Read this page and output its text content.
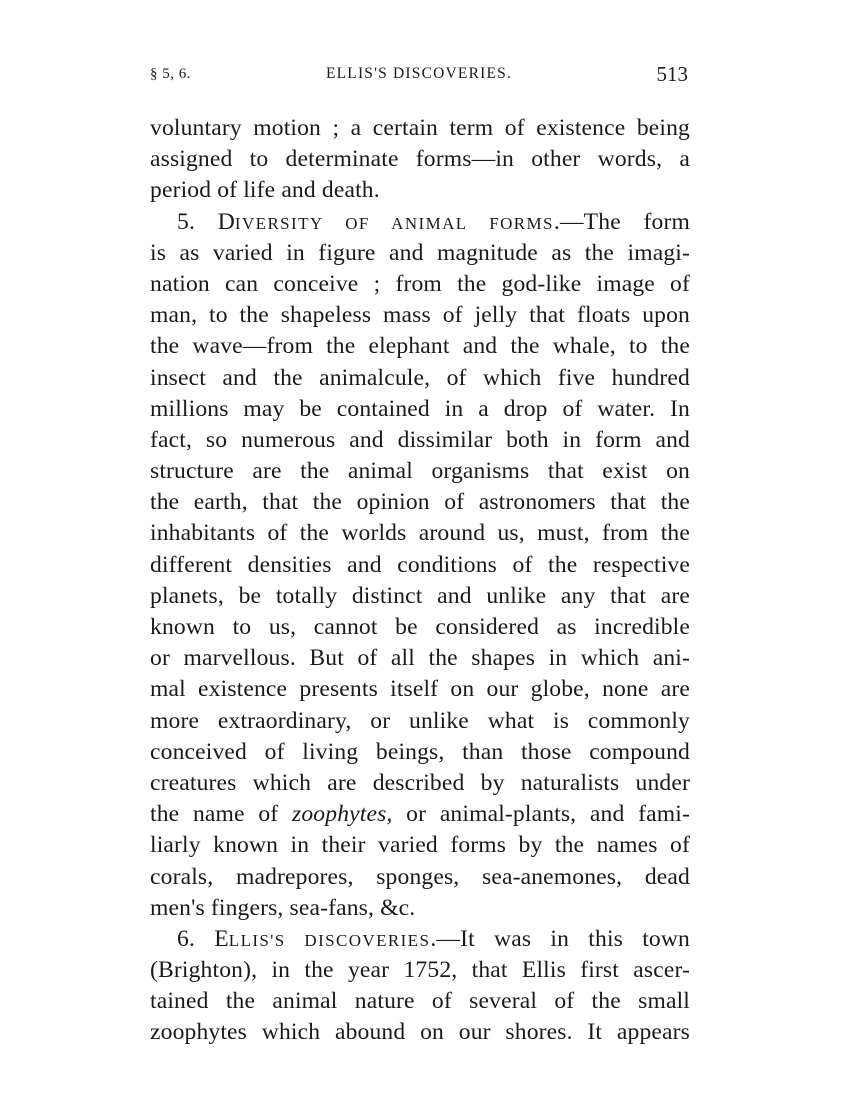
§ 5, 6.	ELLIS'S DISCOVERIES.	513
voluntary motion ; a certain term of existence being
assigned to determinate forms—in other words, a
period of life and death.
5. DIVERSITY OF ANIMAL FORMS.—The form
is as varied in figure and magnitude as the imagi-
nation can conceive ; from the god-like image of
man, to the shapeless mass of jelly that floats upon
the wave—from the elephant and the whale, to the
insect and the animalcule, of which five hundred
millions may be contained in a drop of water. In
fact, so numerous and dissimilar both in form and
structure are the animal organisms that exist on
the earth, that the opinion of astronomers that the
inhabitants of the worlds around us, must, from the
different densities and conditions of the respective
planets, be totally distinct and unlike any that are
known to us, cannot be considered as incredible
or marvellous. But of all the shapes in which ani-
mal existence presents itself on our globe, none are
more extraordinary, or unlike what is commonly
conceived of living beings, than those compound
creatures which are described by naturalists under
the name of zoophytes, or animal-plants, and fami-
liarly known in their varied forms by the names of
corals, madrepores, sponges, sea-anemones, dead
men's fingers, sea-fans, &c.
6. ELLIS'S DISCOVERIES.—It was in this town
(Brighton), in the year 1752, that Ellis first ascer-
tained the animal nature of several of the small
zoophytes which abound on our shores. It appears
